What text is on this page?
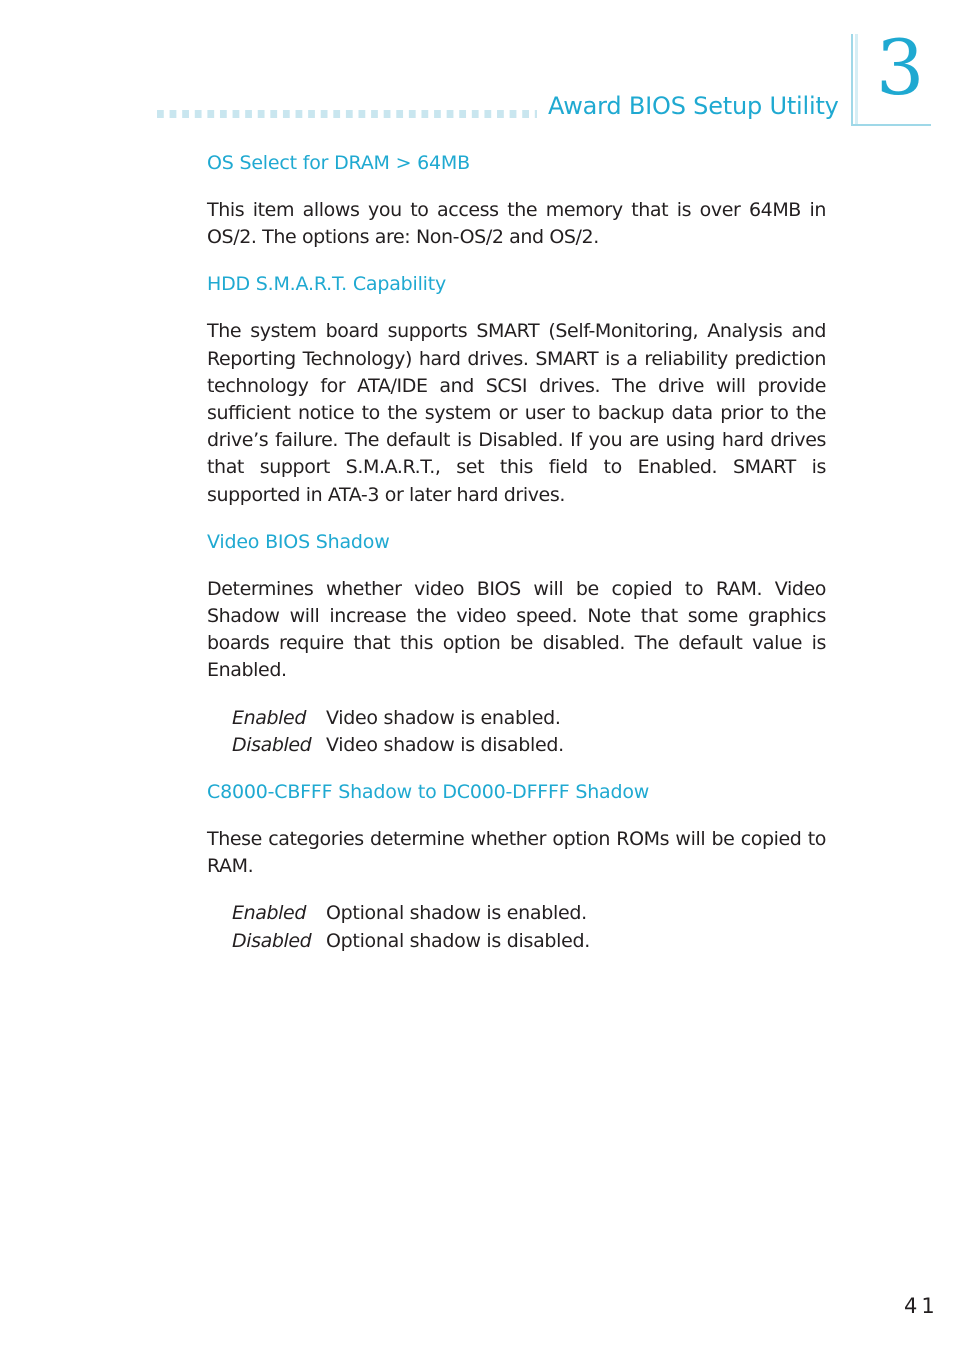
Award BIOS Setup Utility 3
OS Select for DRAM > 64MB

This item allows you to access the memory that is over 64MB in OS/2. The options are: Non-OS/2 and OS/2.

HDD S.M.A.R.T. Capability

The system board supports SMART (Self-Monitoring, Analysis and Reporting Technology) hard drives. SMART is a reliability prediction technology for ATA/IDE and SCSI drives. The drive will provide sufficient notice to the system or user to backup data prior to the drive’s failure. The default is Disabled. If you are using hard drives that support S.M.A.R.T., set this field to Enabled. SMART is supported in ATA-3 or later hard drives.

Video BIOS Shadow

Determines whether video BIOS will be copied to RAM. Video Shadow will increase the video speed. Note that some graphics boards require that this option be disabled. The default value is Enabled.

Enabled	Video shadow is enabled.
Disabled Video shadow is disabled.
C8000-CBFFF Shadow to DC000-DFFFF Shadow

These categories determine whether option ROMs will be copied to RAM.

Enabled	Optional shadow is enabled.
Disabled Optional shadow is disabled.
41
